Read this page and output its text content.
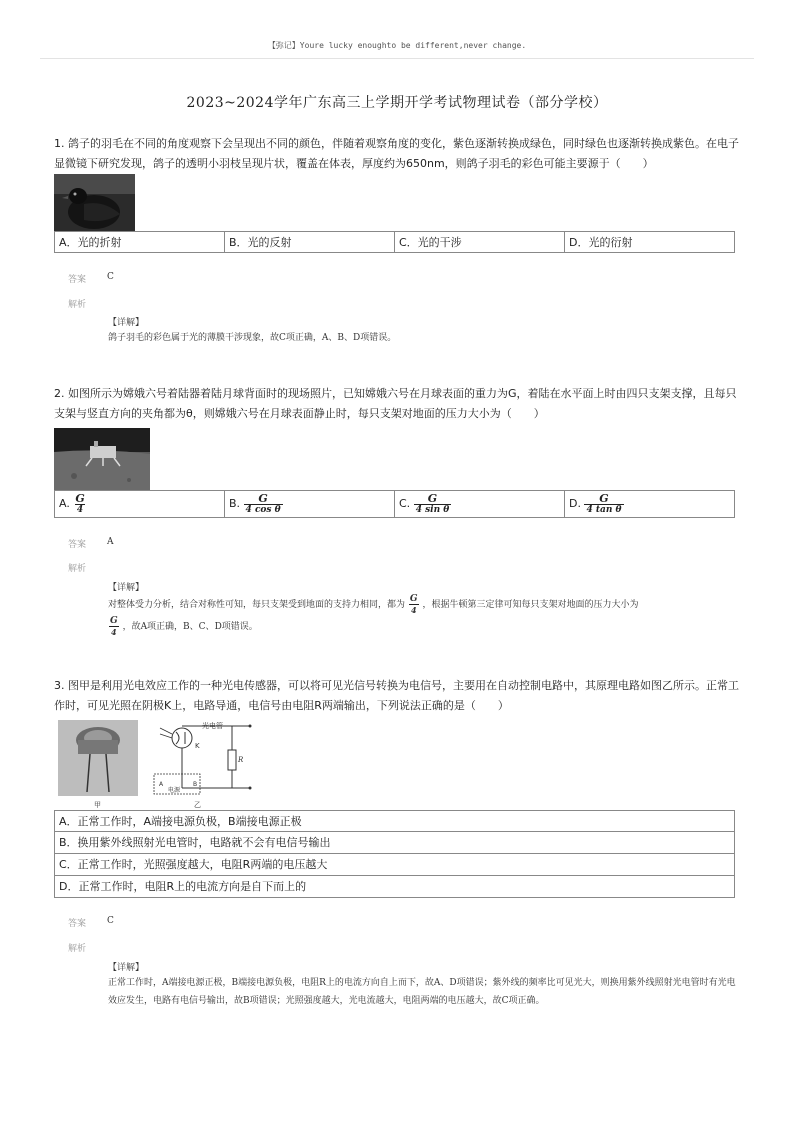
【弥记】Youre lucky enoughto be different,never change.
2023~2024学年广东高三上学期开学考试物理试卷（部分学校）
1. 鸽子的羽毛在不同的角度观察下会呈现出不同的颜色，伴随着观察角度的变化，紫色逐渐转换成绿色，同时绿色也逐渐转换成紫色。在电子显微镜下研究发现，鸽子的透明小羽枝呈现片状，覆盖在体表，厚度约为650nm，则鸽子羽毛的彩色可能主要源于（　　）
A．光的折射	B．光的反射	C．光的干涉	D．光的衍射
答案 C
解析
【详解】
鸽子羽毛的彩色属于光的薄膜干涉现象，故C项正确，A、B、D项错误。
2. 如图所示为嫦娥六号着陆器着陆月球背面时的现场照片，已知嫦娥六号在月球表面的重力为G，着陆在水平面上时由四只支架支撑，且每只支架与竖直方向的夹角都为θ，则嫦娥六号在月球表面静止时，每只支架对地面的压力大小为（　　）
A. $\frac{G}{4}$	B. $\frac{G}{\text{4 cos θ}}$	C. $\frac{G}{\text{4 sin θ}}$	D. $\frac{G}{\text{4 tan θ}}$
答案 A
解析
【详解】
对整体受力分析，结合对称性可知，每只支架受到地面的支持力相同，都为 $\frac{G}{4}$ ，根据牛顿第三定律可知每只支架对地面的压力大小为

$\frac{G}{4}$ ，故A项正确，B、C、D项错误。
3. 图甲是利用光电效应工作的一种光电传感器，可以将可见光信号转换为电信号，主要用在自动控制电路中，其原理电路如图乙所示。正常工作时，可见光照在阴极K上，电路导通，电信号由电阻R两端输出，下列说法正确的是（　　）
甲
光电管
K
R
A	B
电源
乙
A．正常工作时，A端接电源负极，B端接电源正极
B．换用紫外线照射光电管时，电路就不会有电信号输出
C．正常工作时，光照强度越大，电阻R两端的电压越大
D．正常工作时，电阻R上的电流方向是自下而上的
答案 C
解析
【详解】
正常工作时，A端接电源正极，B端接电源负极，电阻R上的电流方向自上而下，故A、D项错误；紫外线的频率比可见光大，则换用紫外线照射光电管时有光电效应发生，电路有电信号输出，故B项错误；光照强度越大，光电流越大，电阻两端的电压越大，故C项正确。
